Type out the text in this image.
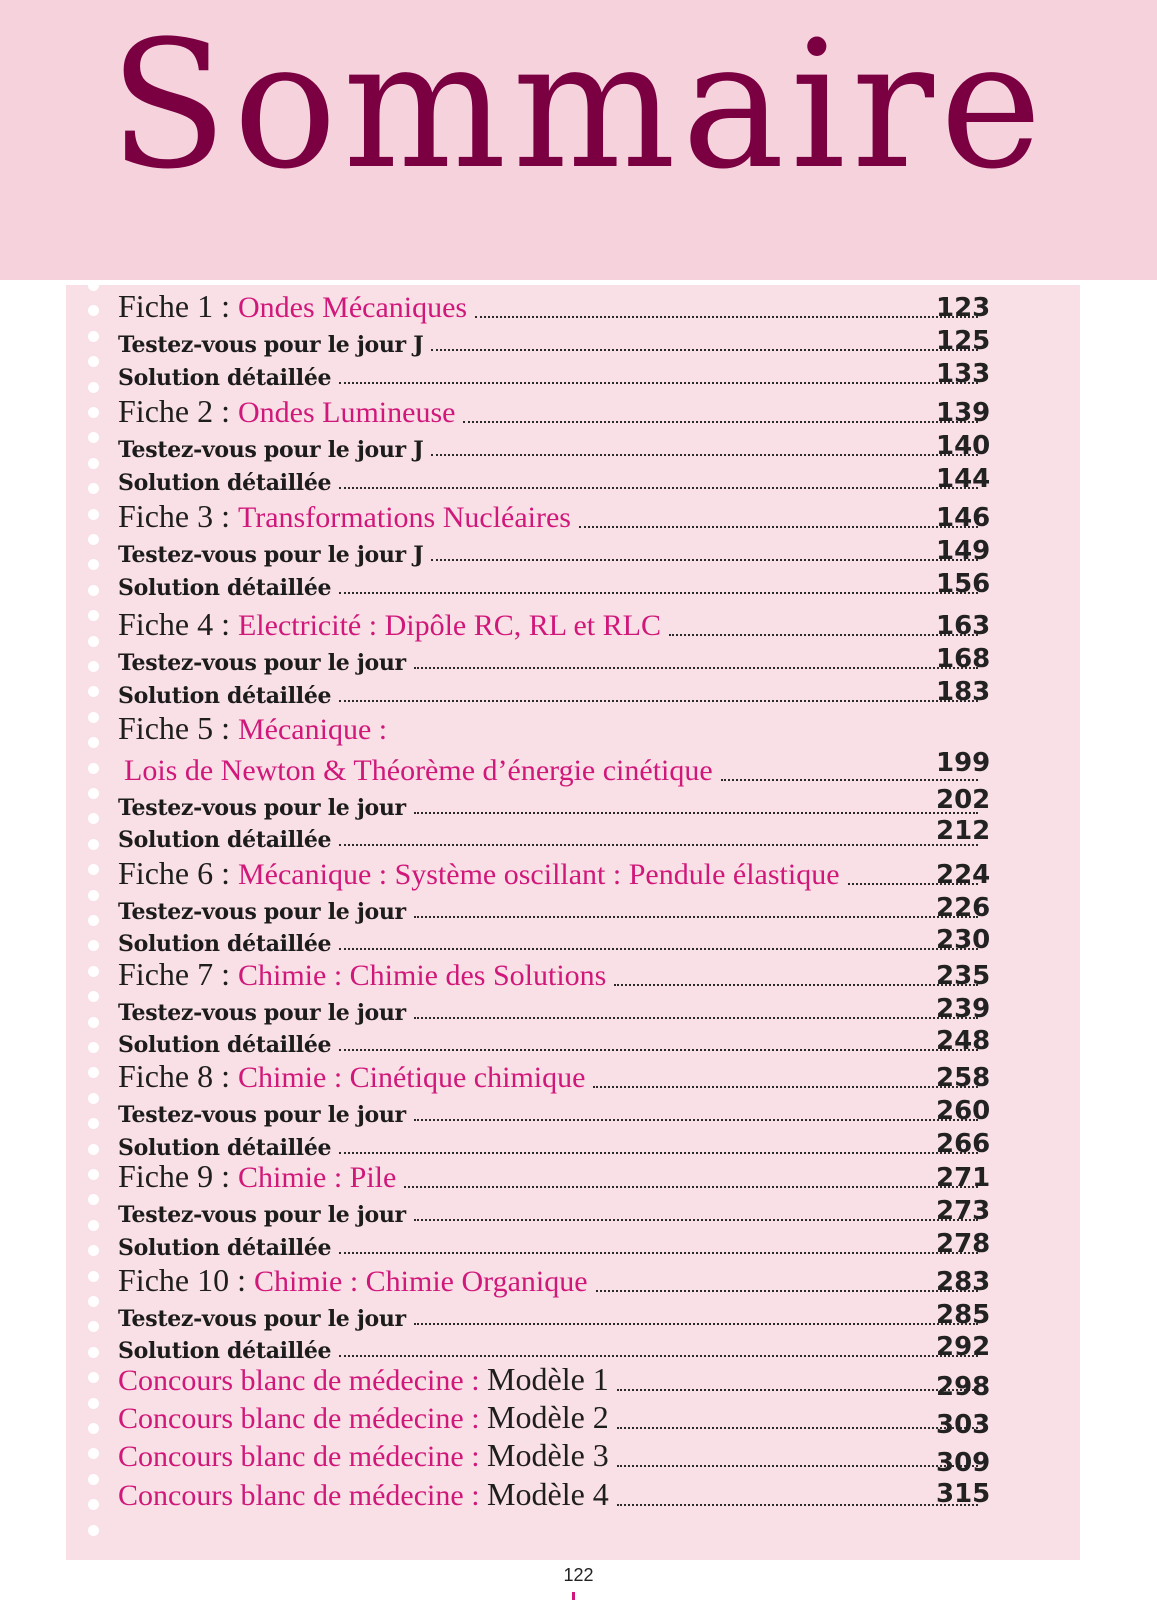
Sommaire
Fiche 1 : Ondes Mécaniques	123
Testez-vous pour le jour J	125
Solution détaillée	133
Fiche 2 : Ondes Lumineuse	139
Testez-vous pour le jour J	140
Solution détaillée	144
Fiche 3 : Transformations Nucléaires	146
Testez-vous pour le jour J	149
Solution détaillée	156
Fiche 4 : Electricité : Dipôle RC, RL et RLC	163
Testez-vous pour le jour	168
Solution détaillée	183
Fiche 5 : Mécanique :
Lois de Newton & Théorème d’énergie cinétique	199
Testez-vous pour le jour	202
Solution détaillée	212
Fiche 6 : Mécanique : Système oscillant : Pendule élastique	224
Testez-vous pour le jour	226
Solution détaillée	230
Fiche 7 : Chimie : Chimie des Solutions	235
Testez-vous pour le jour	239
Solution détaillée	248
Fiche 8 : Chimie : Cinétique chimique	258
Testez-vous pour le jour	260
Solution détaillée	266
Fiche 9 : Chimie : Pile	271
Testez-vous pour le jour	273
Solution détaillée	278
Fiche 10 : Chimie : Chimie Organique	283
Testez-vous pour le jour	285
Solution détaillée	292
Concours blanc de médecine : Modèle 1	298
Concours blanc de médecine : Modèle 2	303
Concours blanc de médecine : Modèle 3	309
Concours blanc de médecine : Modèle 4	315
122
